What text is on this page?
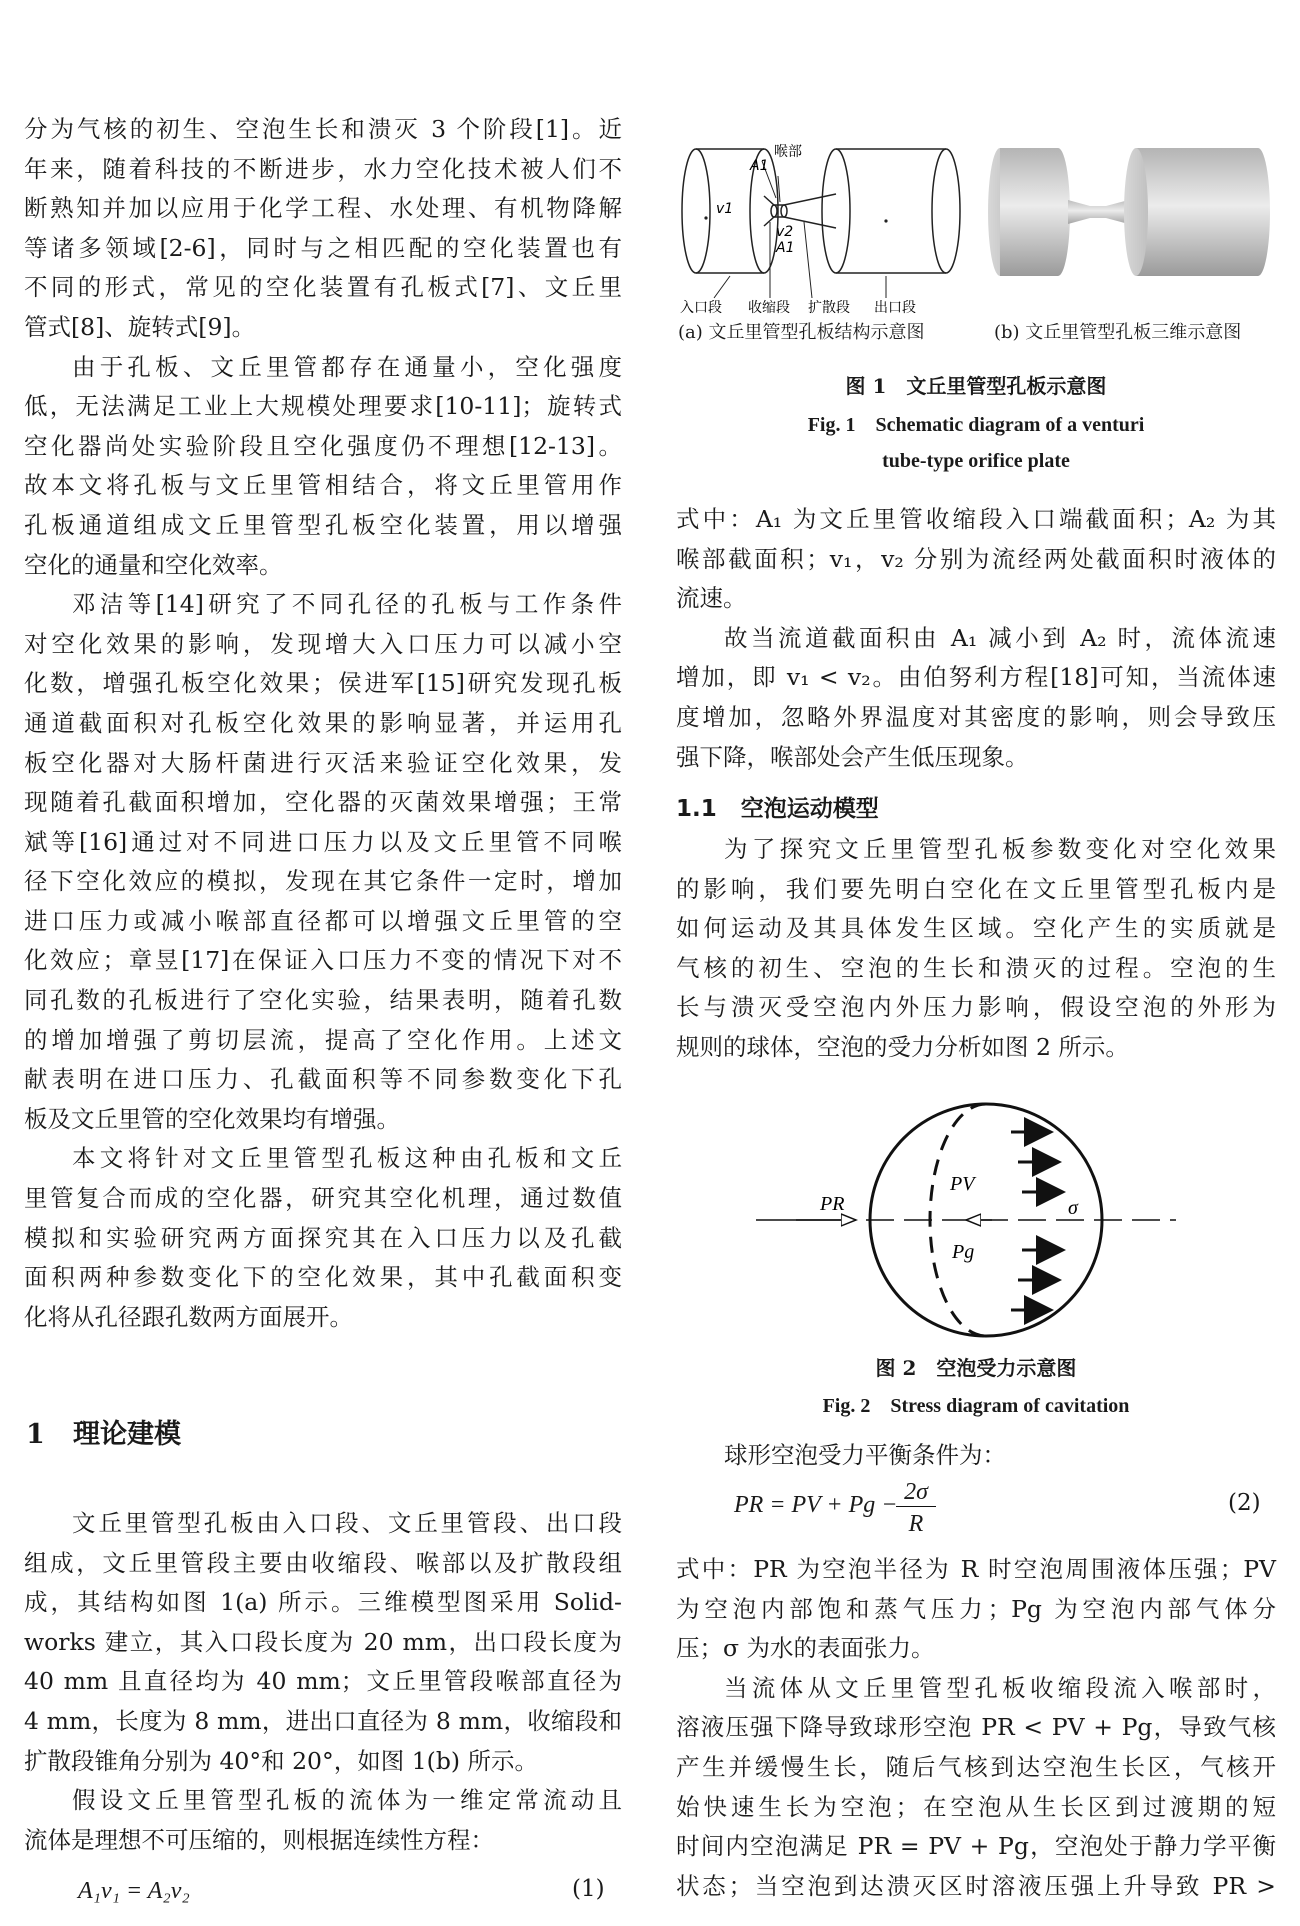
分为气核的初生、空泡生长和溃灭 3 个阶段[1]。近
年来，随着科技的不断进步，水力空化技术被人们不
断熟知并加以应用于化学工程、水处理、有机物降解
等诸多领域[2-6]，同时与之相匹配的空化装置也有
不同的形式，常见的空化装置有孔板式[7]、文丘里
管式[8]、旋转式[9]。
由于孔板、文丘里管都存在通量小，空化强度
低，无法满足工业上大规模处理要求[10-11]；旋转式
空化器尚处实验阶段且空化强度仍不理想[12-13]。
故本文将孔板与文丘里管相结合，将文丘里管用作
孔板通道组成文丘里管型孔板空化装置，用以增强
空化的通量和空化效率。
邓洁等[14]研究了不同孔径的孔板与工作条件
对空化效果的影响，发现增大入口压力可以减小空
化数，增强孔板空化效果；侯进军[15]研究发现孔板
通道截面积对孔板空化效果的影响显著，并运用孔
板空化器对大肠杆菌进行灭活来验证空化效果，发
现随着孔截面积增加，空化器的灭菌效果增强；王常
斌等[16]通过对不同进口压力以及文丘里管不同喉
径下空化效应的模拟，发现在其它条件一定时，增加
进口压力或减小喉部直径都可以增强文丘里管的空
化效应；章昱[17]在保证入口压力不变的情况下对不
同孔数的孔板进行了空化实验，结果表明，随着孔数
的增加增强了剪切层流，提高了空化作用。上述文
献表明在进口压力、孔截面积等不同参数变化下孔
板及文丘里管的空化效果均有增强。
本文将针对文丘里管型孔板这种由孔板和文丘
里管复合而成的空化器，研究其空化机理，通过数值
模拟和实验研究两方面探究其在入口压力以及孔截
面积两种参数变化下的空化效果，其中孔截面积变
化将从孔径跟孔数两方面展开。
1 理论建模
文丘里管型孔板由入口段、文丘里管段、出口段
组成，文丘里管段主要由收缩段、喉部以及扩散段组
成，其结构如图 1(a) 所示。三维模型图采用 Solid-
works 建立，其入口段长度为 20 mm，出口段长度为
40 mm 且直径均为 40 mm；文丘里管段喉部直径为
4 mm，长度为 8 mm，进出口直径为 8 mm，收缩段和
扩散段锥角分别为 40°和 20°，如图 1(b) 所示。
假设文丘里管型孔板的流体为一维定常流动且
流体是理想不可压缩的，则根据连续性方程：
A₁v₁ = A₂v₂	(1)
喉部
A1
v1
v2
A1
入口段 收缩段 扩散段 出口段
(a) 文丘里管型孔板结构示意图	(b) 文丘里管型孔板三维示意图
图 1　文丘里管型孔板示意图
Fig. 1　Schematic diagram of a venturi
tube-type orifice plate
式中：A₁ 为文丘里管收缩段入口端截面积；A₂ 为其
喉部截面积；v₁，v₂ 分别为流经两处截面积时液体的
流速。
故当流道截面积由 A₁ 减小到 A₂ 时，流体流速
增加，即 v₁ < v₂。由伯努利方程[18]可知，当流体速
度增加，忽略外界温度对其密度的影响，则会导致压
强下降，喉部处会产生低压现象。
1.1 空泡运动模型
为了探究文丘里管型孔板参数变化对空化效果
的影响，我们要先明白空化在文丘里管型孔板内是
如何运动及其具体发生区域。空化产生的实质就是
气核的初生、空泡的生长和溃灭的过程。空泡的生
长与溃灭受空泡内外压力影响，假设空泡的外形为
规则的球体，空泡的受力分析如图 2 所示。
PR
PV
Pg
σ
图 2　空泡受力示意图
Fig. 2　Stress diagram of cavitation
球形空泡受力平衡条件为：
PR = PV + Pg − 2σ
R
(2)
式中：PR 为空泡半径为 R 时空泡周围液体压强；PV
为空泡内部饱和蒸气压力；Pg 为空泡内部气体分
压；σ 为水的表面张力。
当流体从文丘里管型孔板收缩段流入喉部时，
溶液压强下降导致球形空泡 PR < PV + Pg，导致气核
产生并缓慢生长，随后气核到达空泡生长区，气核开
始快速生长为空泡；在空泡从生长区到过渡期的短
时间内空泡满足 PR = PV + Pg，空泡处于静力学平衡
状态；当空泡到达溃灭区时溶液压强上升导致 PR >
